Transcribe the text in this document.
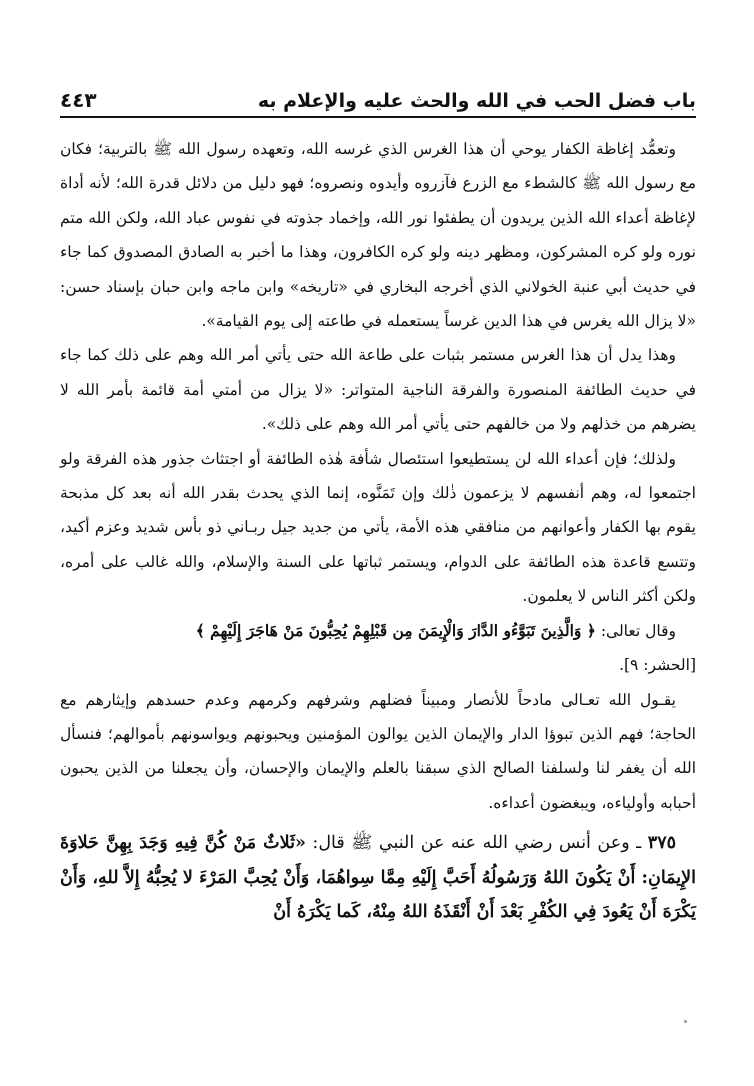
باب فضل الحب في الله والحث عليه والإعلام به
٤٤٣

وتعمُّد إغاظة الكفار يوحي أن هذا الغرس الذي غرسه الله، وتعهده رسول الله ﷺ بالتربية؛ فكان مع رسول الله ﷺ كالشطء مع الزرع فآزروه وأيدوه ونصروه؛ فهو دليل من دلائل قدرة الله؛ لأنه أداة لإغاظة أعداء الله الذين يريدون أن يطفئوا نور الله، وإخماد جذوته في نفوس عباد الله، ولكن الله متم نوره ولو كره المشركون، ومظهر دينه ولو كره الكافرون، وهذا ما أخبر به الصادق المصدوق كما جاء في حديث أبي عنبة الخولاني الذي أخرجه البخاري في «تاريخه» وابن ماجه وابن حبان بإسناد حسن: «لا يزال الله يغرس في هذا الدين غرساً يستعمله في طاعته إلى يوم القيامة».

وهذا يدل أن هذا الغرس مستمر بثبات على طاعة الله حتى يأتي أمر الله وهم على ذلك كما جاء في حديث الطائفة المنصورة والفرقة الناجية المتواتر: «لا يزال من أمتي أمة قائمة بأمر الله لا يضرهم من خذلهم ولا من خالفهم حتى يأتي أمر الله وهم على ذلك».

ولذلك؛ فإن أعداء الله لن يستطيعوا استئصال شأفة هٰذه الطائفة أو اجتثاث جذور هذه الفرقة ولو اجتمعوا له، وهم أنفسهم لا يزعمون ذٰلك وإن تَمَنَّوه، إنما الذي يحدث بقدر الله أنه بعد كل مذبحة يقوم بها الكفار وأعوانهم من منافقي هذه الأمة، يأتي من جديد جيل ربـاني ذو بأس شديد وعزم أكيد، وتتسع قاعدة هذه الطائفة على الدوام، ويستمر ثباتها على السنة والإسلام، والله غالب على أمره، ولكن أكثر الناس لا يعلمون.

وقال تعالى: ﴿ وَالَّذِينَ تَبَوَّءُو الدَّارَ وَالْإِيمَنَ مِن قَبْلِهِمْ يُحِبُّونَ مَنْ هَاجَرَ إِلَيْهِمْ ﴾

[الحشر: ٩].

يقـول الله تعـالى مادحاً للأنصار ومبيناً فضلهم وشرفهم وكرمهم وعدم حسدهم وإيثارهم مع الحاجة؛ فهم الذين تبوؤا الدار والإيمان الذين يوالون المؤمنين ويحبونهم ويواسونهم بأموالهم؛ فنسأل الله أن يغفر لنا ولسلفنا الصالح الذي سبقنا بالعلم والإيمان والإحسان، وأن يجعلنا من الذين يحبون أحبابه وأولياءه، ويبغضون أعداءه.

٣٧٥ ـ وعن أنس رضي الله عنه عن النبي ﷺ قال: «ثَلاثٌ مَنْ كُنَّ فِيهِ وَجَدَ بِهِنَّ حَلاوَةَ الإِيمَانِ: أَنْ يَكُونَ اللهُ وَرَسُولُهُ أَحَبَّ إِلَيْهِ مِمَّا سِواهُمَا، وَأَنْ يُحِبَّ المَرْءَ لا يُحِبُّهُ إِلاَّ للهِ، وَأَنْ يَكْرَهَ أَنْ يَعُودَ فِي الكُفْرِ بَعْدَ أَنْ أَنْقَذَهُ اللهُ مِنْهُ، كَما يَكْرَهُ أَنْ
